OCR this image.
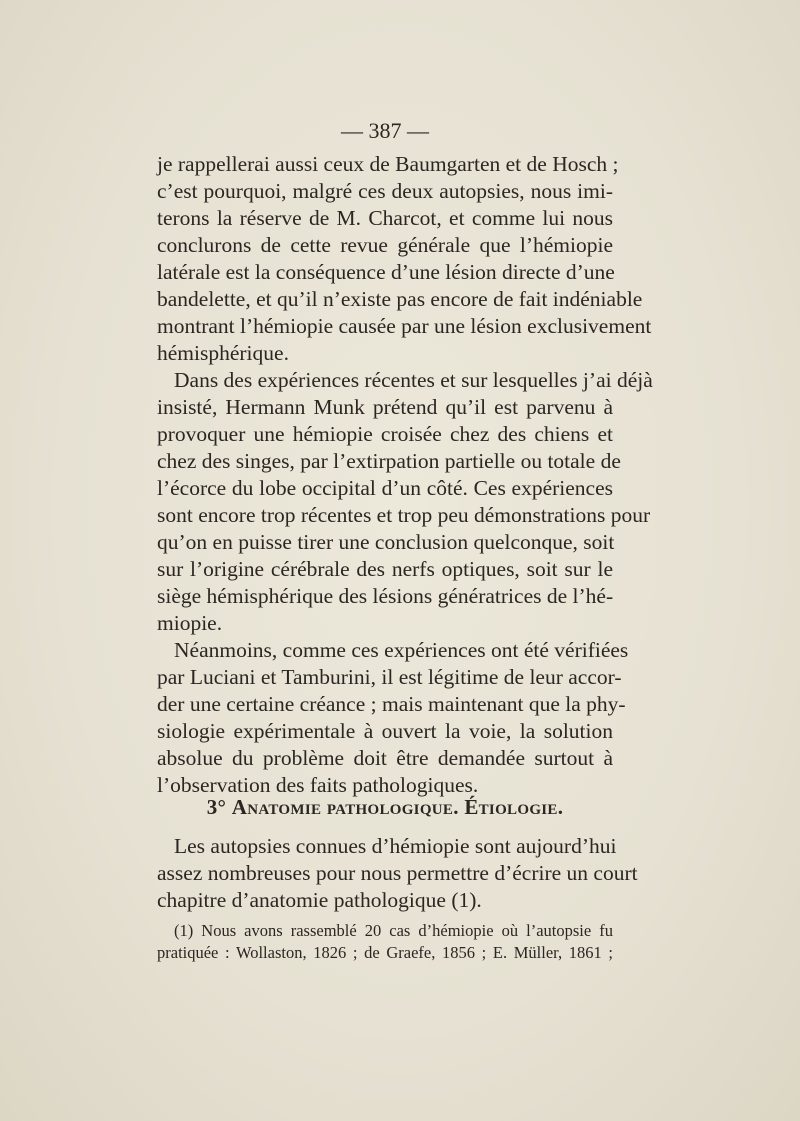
— 387 —
je rappellerai aussi ceux de Baumgarten et de Hosch ;
c’est pourquoi, malgré ces deux autopsies, nous imi-
terons la réserve de M. Charcot, et comme lui nous
conclurons de cette revue générale que l’hémiopie
latérale est la conséquence d’une lésion directe d’une
bandelette, et qu’il n’existe pas encore de fait indéniable
montrant l’hémiopie causée par une lésion exclusivement
hémisphérique.
Dans des expériences récentes et sur lesquelles j’ai déjà
insisté, Hermann Munk prétend qu’il est parvenu à
provoquer une hémiopie croisée chez des chiens et
chez des singes, par l’extirpation partielle ou totale de
l’écorce du lobe occipital d’un côté. Ces expériences
sont encore trop récentes et trop peu démonstrations pour
qu’on en puisse tirer une conclusion quelconque, soit
sur l’origine cérébrale des nerfs optiques, soit sur le
siège hémisphérique des lésions génératrices de l’hé-
miopie.
Néanmoins, comme ces expériences ont été vérifiées
par Luciani et Tamburini, il est légitime de leur accor-
der une certaine créance ; mais maintenant que la phy-
siologie expérimentale à ouvert la voie, la solution
absolue du problème doit être demandée surtout à
l’observation des faits pathologiques.
3° Anatomie pathologique. Étiologie.
Les autopsies connues d’hémiopie sont aujourd’hui
assez nombreuses pour nous permettre d’écrire un court
chapitre d’anatomie pathologique (1).
(1) Nous avons rassemblé 20 cas d’hémiopie où l’autopsie fu
pratiquée : Wollaston, 1826 ; de Graefe, 1856 ; E. Müller, 1861 ;
